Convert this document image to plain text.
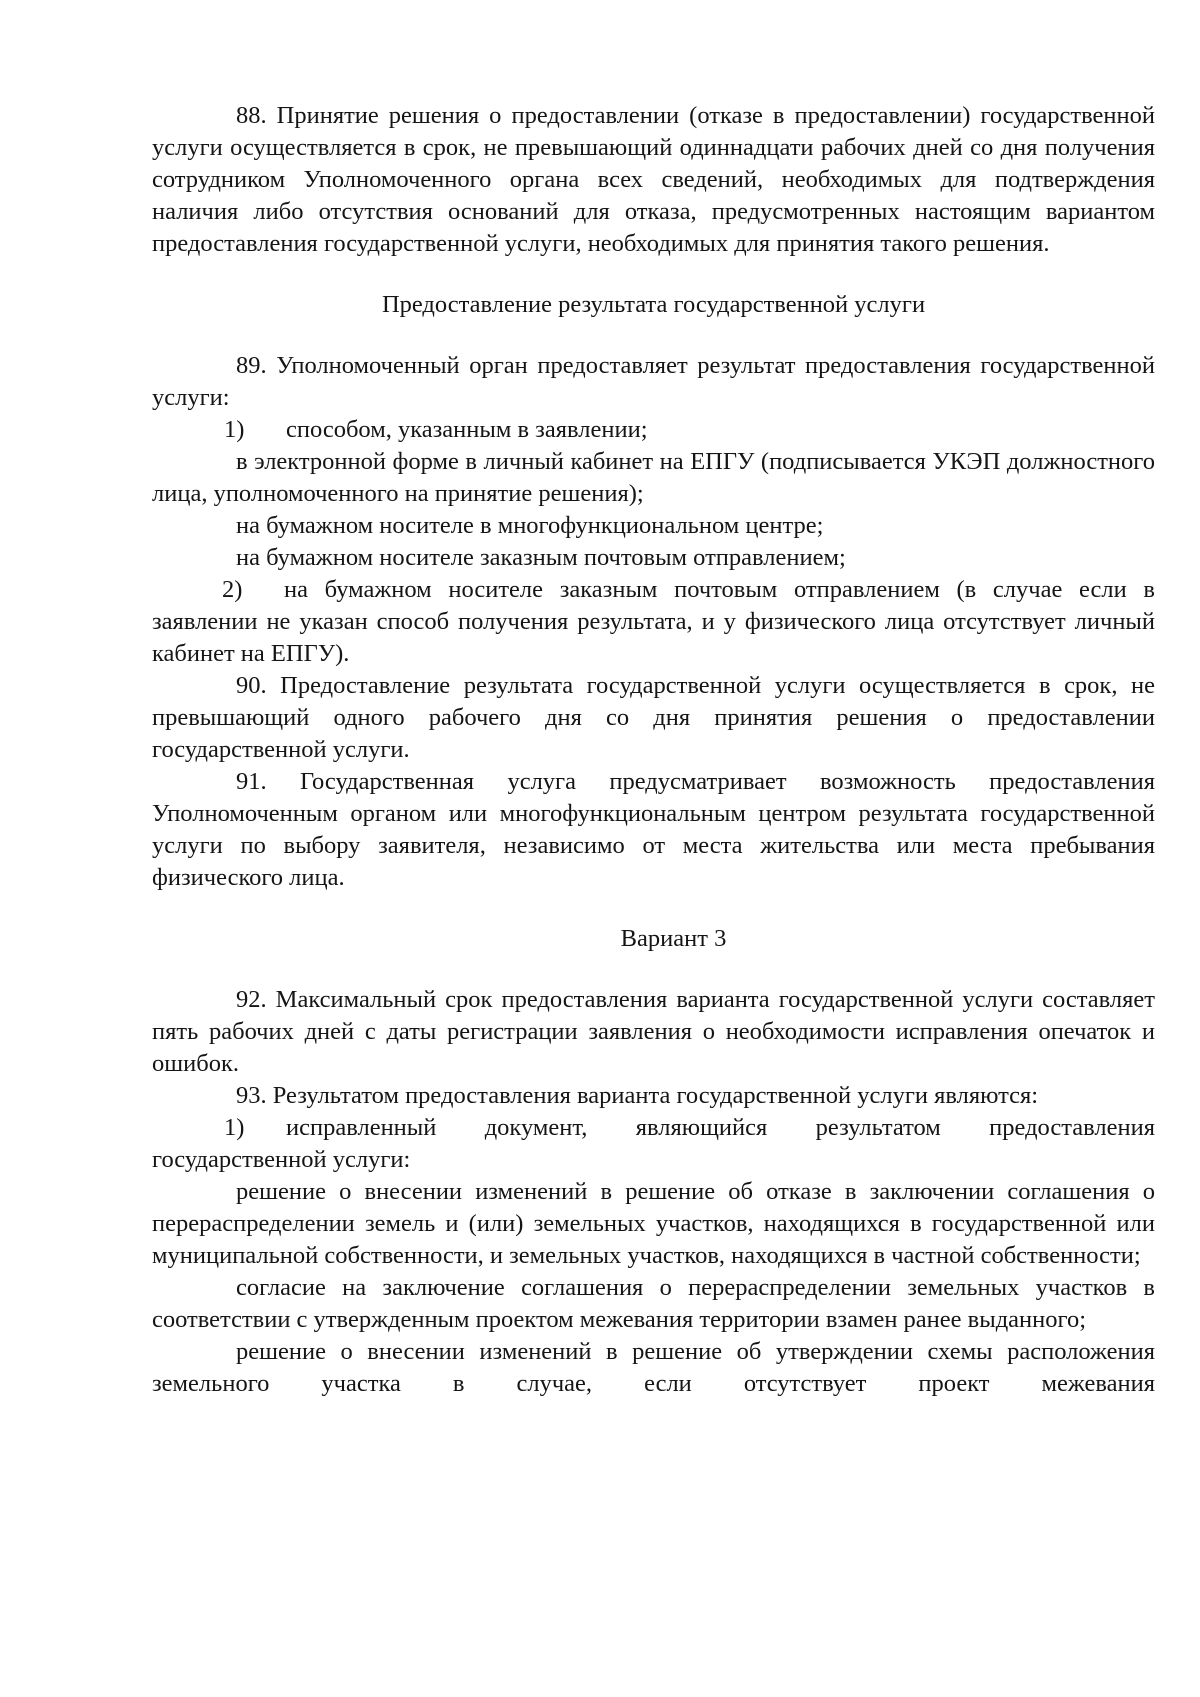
88. Принятие решения о предоставлении (отказе в предоставлении) государственной услуги осуществляется в срок, не превышающий одиннадцати рабочих дней со дня получения сотрудником Уполномоченного органа всех сведений, необходимых для подтверждения наличия либо отсутствия оснований для отказа, предусмотренных настоящим вариантом предоставления государственной услуги, необходимых для принятия такого решения.

Предоставление результата государственной услуги

89. Уполномоченный орган предоставляет результат предоставления государственной услуги:

1) способом, указанным в заявлении;

в электронной форме в личный кабинет на ЕПГУ (подписывается УКЭП должностного лица, уполномоченного на принятие решения);

на бумажном носителе в многофункциональном центре;

на бумажном носителе заказным почтовым отправлением;

2) на бумажном носителе заказным почтовым отправлением (в случае если в заявлении не указан способ получения результата, и у физического лица отсутствует личный кабинет на ЕПГУ).

90. Предоставление результата государственной услуги осуществляется в срок, не превышающий одного рабочего дня со дня принятия решения о предоставлении государственной услуги.

91. Государственная услуга предусматривает возможность предоставления Уполномоченным органом или многофункциональным центром результата государственной услуги по выбору заявителя, независимо от места жительства или места пребывания физического лица.

Вариант 3

92. Максимальный срок предоставления варианта государственной услуги составляет пять рабочих дней с даты регистрации заявления о необходимости исправления опечаток и ошибок.

93. Результатом предоставления варианта государственной услуги являются:

1) исправленный документ, являющийся результатом предоставления государственной услуги:

решение о внесении изменений в решение об отказе в заключении соглашения о перераспределении земель и (или) земельных участков, находящихся в государственной или муниципальной собственности, и земельных участков, находящихся в частной собственности;

согласие на заключение соглашения о перераспределении земельных участков в соответствии с утвержденным проектом межевания территории взамен ранее выданного;

решение о внесении изменений в решение об утверждении схемы расположения земельного участка в случае, если отсутствует проект межевания
